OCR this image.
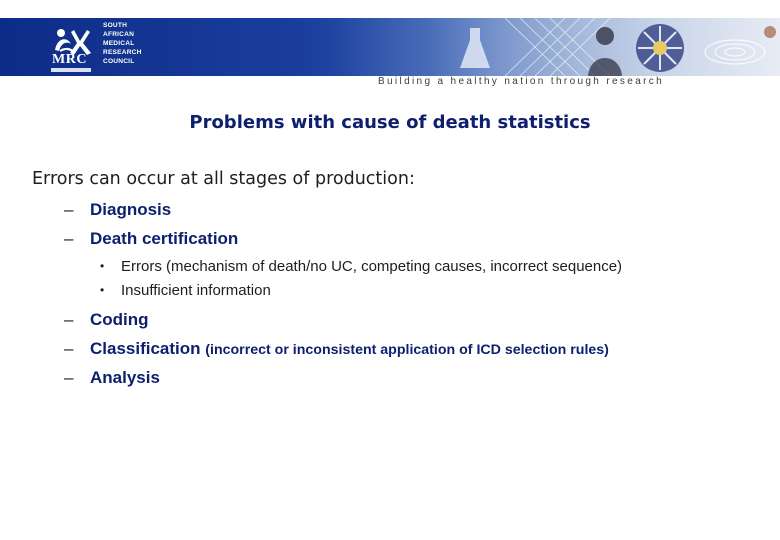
MRC
SOUTH
AFRICAN
MEDICAL
RESEARCH
COUNCIL
Building a healthy nation through research
Problems with cause of death statistics

Errors can occur at all stages of production:

– Diagnosis
– Death certification
• Errors (mechanism of death/no UC, competing causes, incorrect sequence)
• Insufficient information
– Coding
– Classification (incorrect or inconsistent application of ICD selection rules)
– Analysis
